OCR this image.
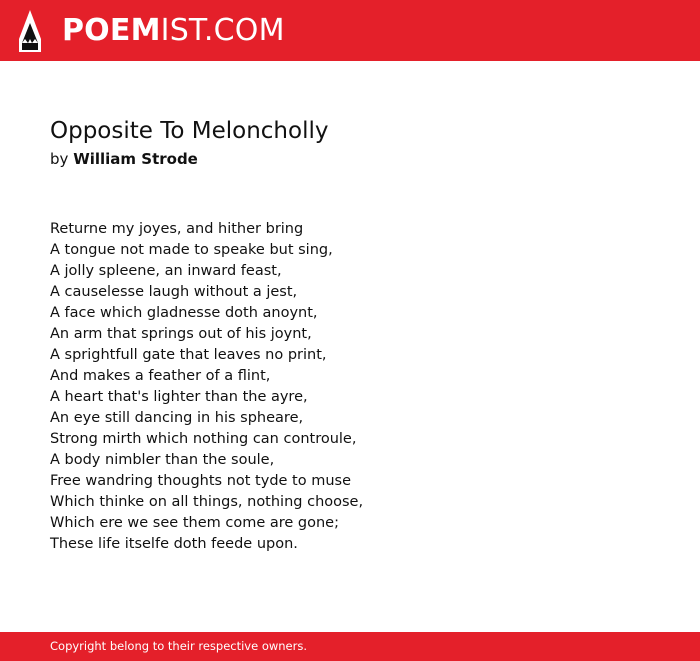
POEMIST.COM
Opposite To Meloncholly

by William Strode

Returne my joyes, and hither bring
A tongue not made to speake but sing,
A jolly spleene, an inward feast,
A causelesse laugh without a jest,
A face which gladnesse doth anoynt,
An arm that springs out of his joynt,
A sprightfull gate that leaves no print,
And makes a feather of a flint,
A heart that's lighter than the ayre,
An eye still dancing in his spheare,
Strong mirth which nothing can controule,
A body nimbler than the soule,
Free wandring thoughts not tyde to muse
Which thinke on all things, nothing choose,
Which ere we see them come are gone;
These life itselfe doth feede upon.
Copyright belong to their respective owners.
